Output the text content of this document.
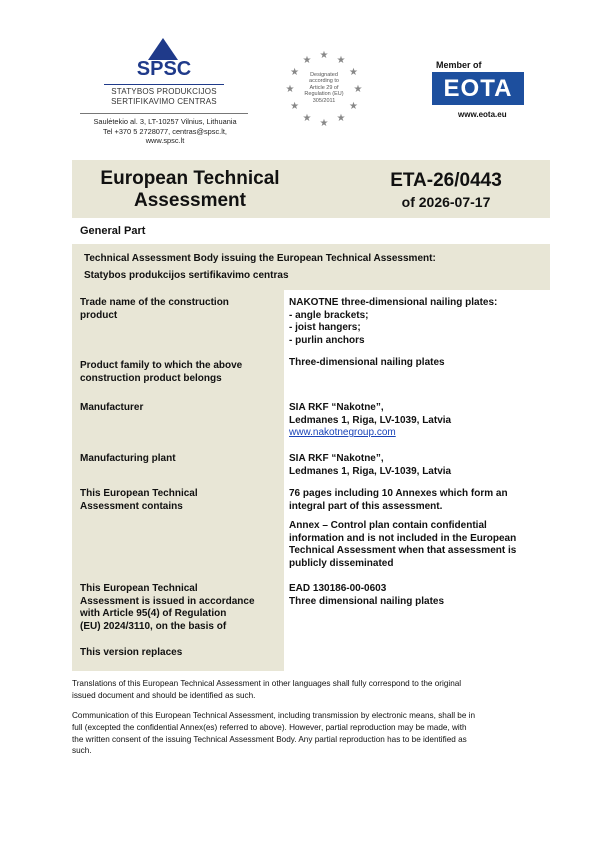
SPSC
STATYBOS PRODUKCIJOS
SERTIFIKAVIMO CENTRAS
Saulėtekio al. 3, LT-10257 Vilnius, Lithuania
Tel +370 5 2728077, centras@spsc.lt,
www.spsc.lt
★ ★
★
★
★
★
★
★
★
★
★
★
Designated
according to
Article 29 of
Regulation (EU)
305/2011
Member of
EOTA
www.eota.eu
European Technical
Assessment
ETA-26/0443
of 2026-07-17
General Part
Technical Assessment Body issuing the European Technical Assessment:
Statybos produkcijos sertifikavimo centras
Trade name of the construction
product
NAKOTNE three-dimensional nailing plates:
- angle brackets;
- joist hangers;
- purlin anchors
Product family to which the above
construction product belongs
Three-dimensional nailing plates
Manufacturer	SIA RKF “Nakotne”,
Ledmanes 1, Riga, LV-1039, Latvia
www.nakotnegroup.com
Manufacturing plant	SIA RKF “Nakotne”,
Ledmanes 1, Riga, LV-1039, Latvia
This European Technical
Assessment contains
76 pages including 10 Annexes which form an
integral part of this assessment.
Annex – Control plan contain confidential
information and is not included in the European
Technical Assessment when that assessment is
publicly disseminated
This European Technical
Assessment is issued in accordance
with Article 95(4) of Regulation
(EU) 2024/3110, on the basis of
EAD 130186-00-0603
Three dimensional nailing plates
This version replaces
Translations of this European Technical Assessment in other languages shall fully correspond to the original
issued document and should be identified as such.
Communication of this European Technical Assessment, including transmission by electronic means, shall be in
full (excepted the confidential Annex(es) referred to above). However, partial reproduction may be made, with
the written consent of the issuing Technical Assessment Body. Any partial reproduction has to be identified as
such.
